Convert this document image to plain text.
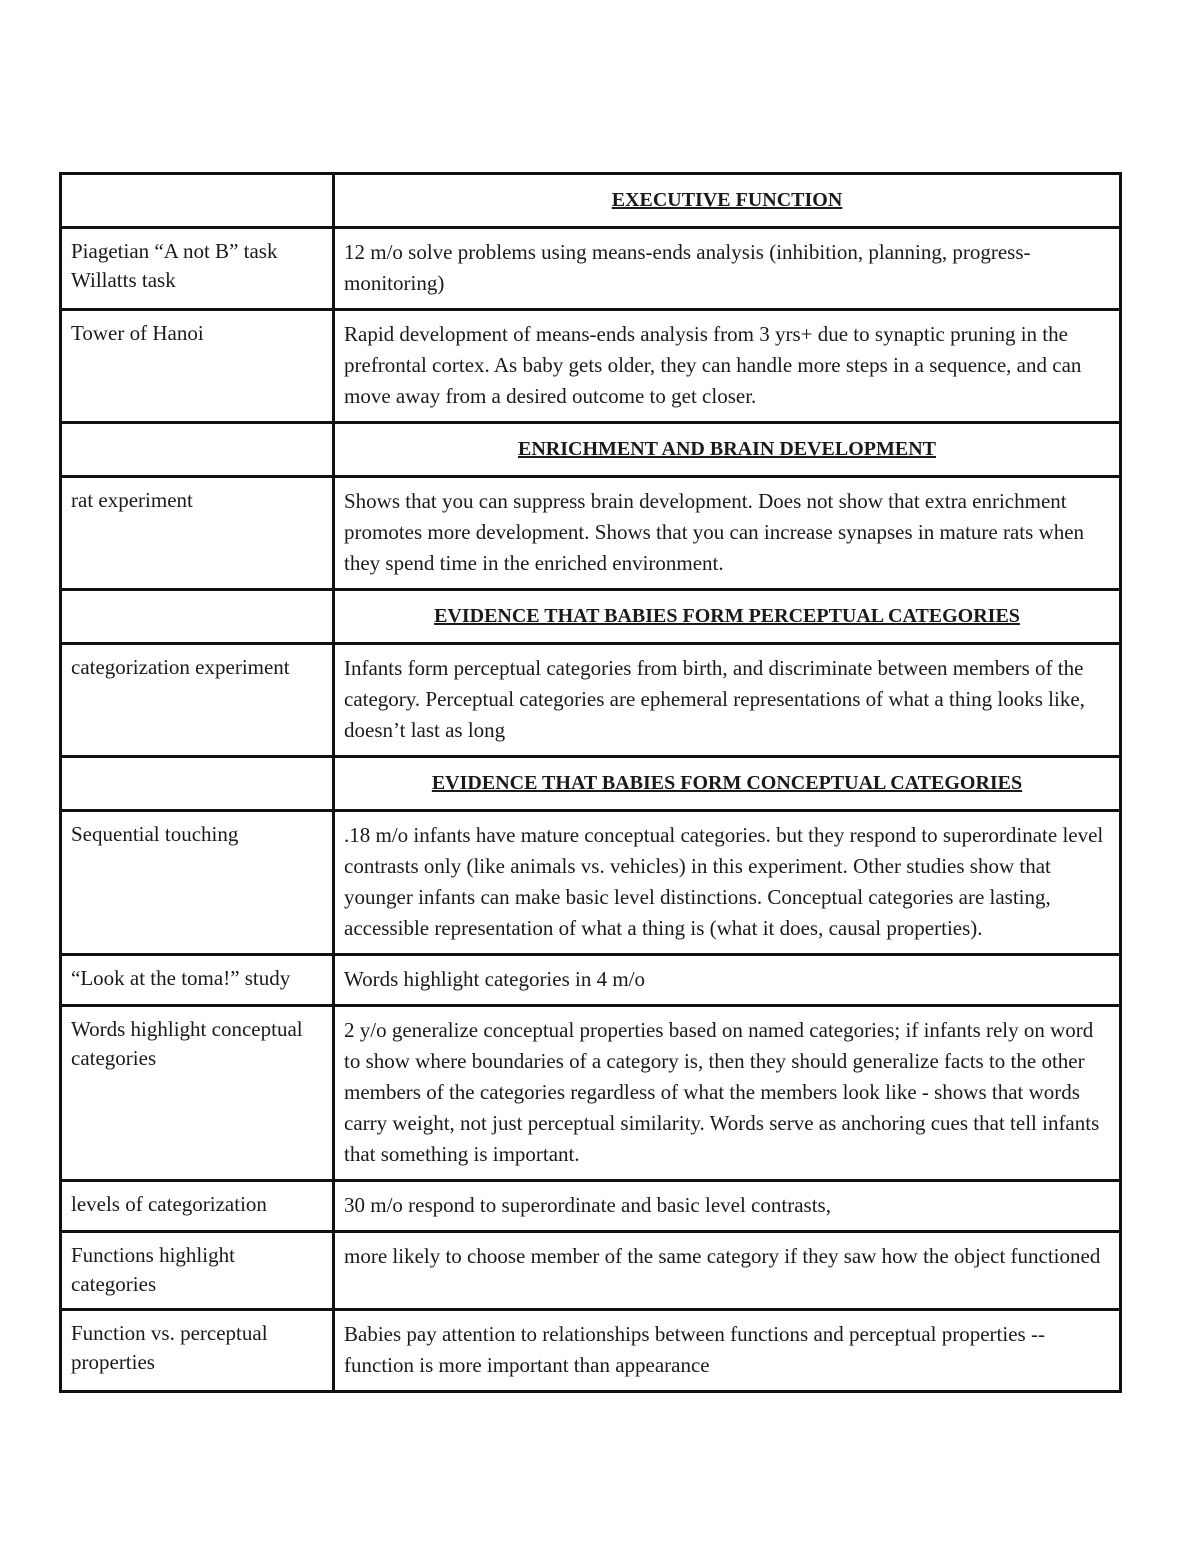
	EXECUTIVE FUNCTION
Piagetian “A not B” task Willatts task	12 m/o solve problems using means-ends analysis (inhibition, planning, progress-monitoring)
Tower of Hanoi	Rapid development of means-ends analysis from 3 yrs+ due to synaptic pruning in the prefrontal cortex. As baby gets older, they can handle more steps in a sequence, and can move away from a desired outcome to get closer.
	ENRICHMENT AND BRAIN DEVELOPMENT
rat experiment	Shows that you can suppress brain development. Does not show that extra enrichment promotes more development. Shows that you can increase synapses in mature rats when they spend time in the enriched environment.
	EVIDENCE THAT BABIES FORM PERCEPTUAL CATEGORIES
categorization experiment	Infants form perceptual categories from birth, and discriminate between members of the category. Perceptual categories are ephemeral representations of what a thing looks like, doesn’t last as long
	EVIDENCE THAT BABIES FORM CONCEPTUAL CATEGORIES
Sequential touching	.18 m/o infants have mature conceptual categories. but they respond to superordinate level contrasts only (like animals vs. vehicles) in this experiment. Other studies show that younger infants can make basic level distinctions. Conceptual categories are lasting, accessible representation of what a thing is (what it does, causal properties).
“Look at the toma!” study	Words highlight categories in 4 m/o
Words highlight conceptual categories	2 y/o generalize conceptual properties based on named categories; if infants rely on word to show where boundaries of a category is, then they should generalize facts to the other members of the categories regardless of what the members look like - shows that words carry weight, not just perceptual similarity. Words serve as anchoring cues that tell infants that something is important.
levels of categorization	30 m/o respond to superordinate and basic level contrasts,
Functions highlight categories	more likely to choose member of the same category if they saw how the object functioned
Function vs. perceptual properties	Babies pay attention to relationships between functions and perceptual properties -- function is more important than appearance
